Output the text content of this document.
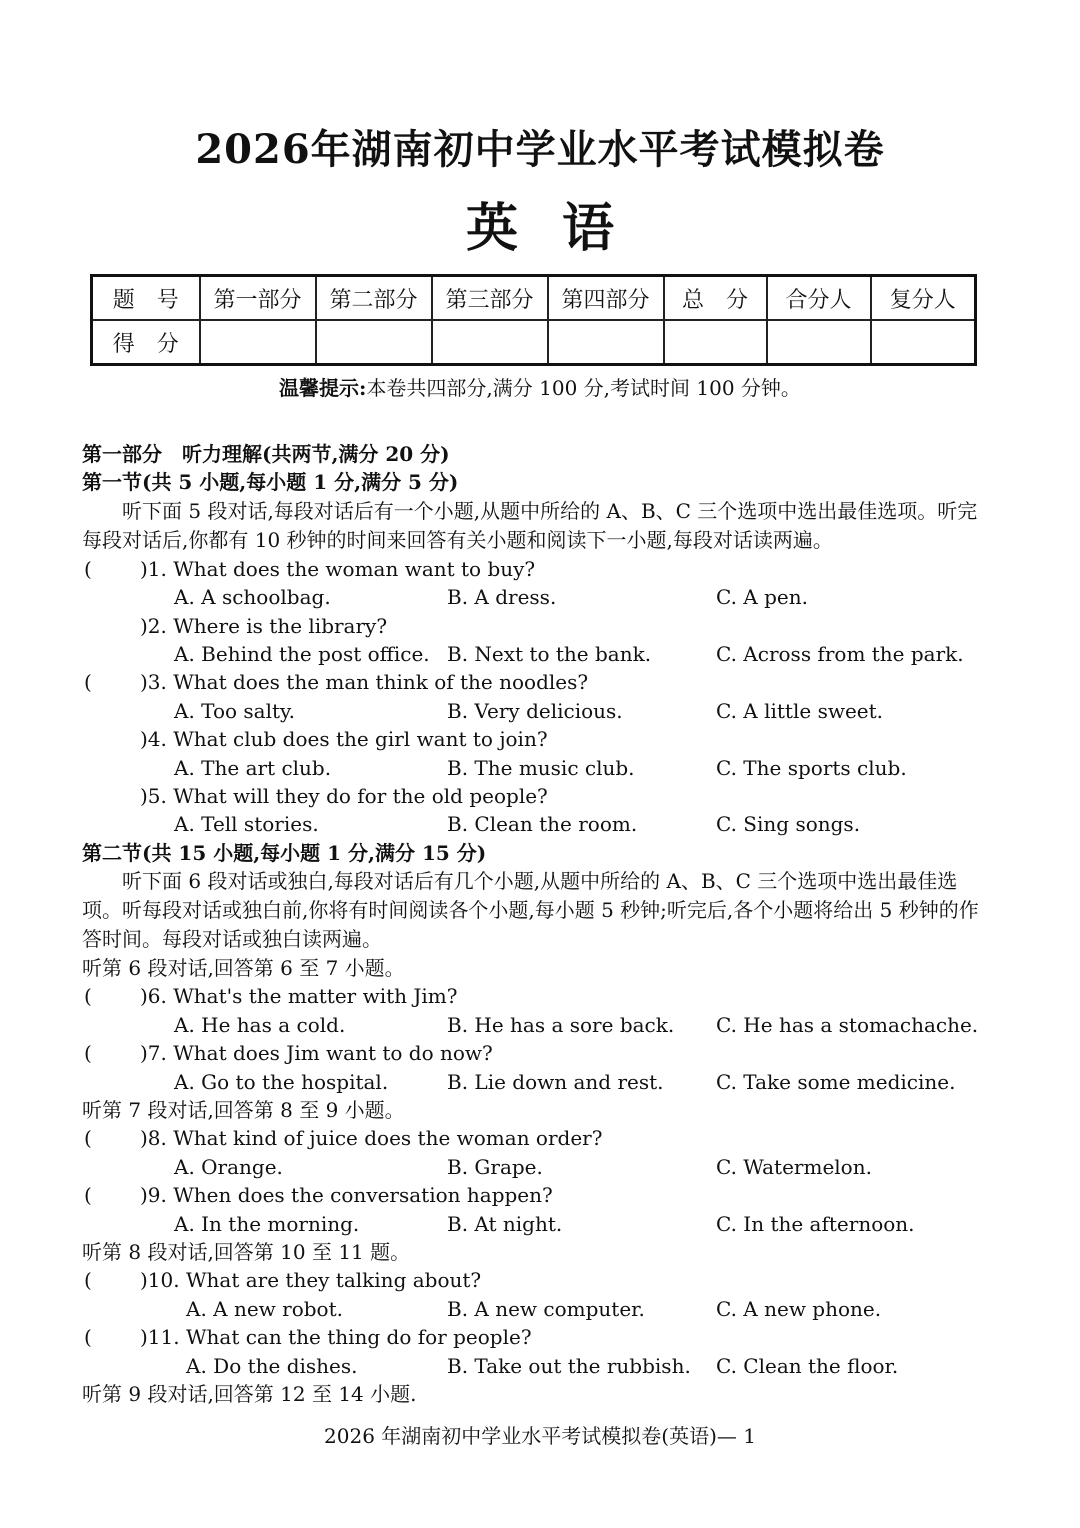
2026年湖南初中学业水平考试模拟卷
英语
题　号	第一部分	第二部分	第三部分	第四部分	总　分	合分人	复分人
得　分							
温馨提示:本卷共四部分,满分 100 分,考试时间 100 分钟。
第一部分　听力理解(共两节,满分 20 分)
第一节(共 5 小题,每小题 1 分,满分 5 分)
听下面 5 段对话,每段对话后有一个小题,从题中所给的 A、B、C 三个选项中选出最佳选项。听完每段对话后,你都有 10 秒钟的时间来回答有关小题和阅读下一小题,每段对话读两遍。
( )1. What does the woman want to buy?
A. A schoolbag.	B. A dress.	C. A pen.
)2. Where is the library?
A. Behind the post office. B. Next to the bank.	C. Across from the park.
( )3. What does the man think of the noodles?
A. Too salty.	B. Very delicious.	C. A little sweet.
)4. What club does the girl want to join?
A. The art club.	B. The music club.	C. The sports club.
)5. What will they do for the old people?
A. Tell stories.	B. Clean the room.	C. Sing songs.
第二节(共 15 小题,每小题 1 分,满分 15 分)
听下面 6 段对话或独白,每段对话后有几个小题,从题中所给的 A、B、C 三个选项中选出最佳选项。听每段对话或独白前,你将有时间阅读各个小题,每小题 5 秒钟;听完后,各个小题将给出 5 秒钟的作答时间。每段对话或独白读两遍。
听第 6 段对话,回答第 6 至 7 小题。
( )6. What's the matter with Jim?
A. He has a cold.	B. He has a sore back. C. He has a stomachache.
( )7. What does Jim want to do now?
A. Go to the hospital.	B. Lie down and rest.	C. Take some medicine.
听第 7 段对话,回答第 8 至 9 小题。
( )8. What kind of juice does the woman order?
A. Orange.	B. Grape.	C. Watermelon.
( )9. When does the conversation happen?
A. In the morning.	B. At night.	C. In the afternoon.
听第 8 段对话,回答第 10 至 11 题。
( )10. What are they talking about?
A. A new robot.	B. A new computer.	C. A new phone.
( )11. What can the thing do for people?
A. Do the dishes.	B. Take out the rubbish. C. Clean the floor.
听第 9 段对话,回答第 12 至 14 小题.
2026 年湖南初中学业水平考试模拟卷(英语)— 1
